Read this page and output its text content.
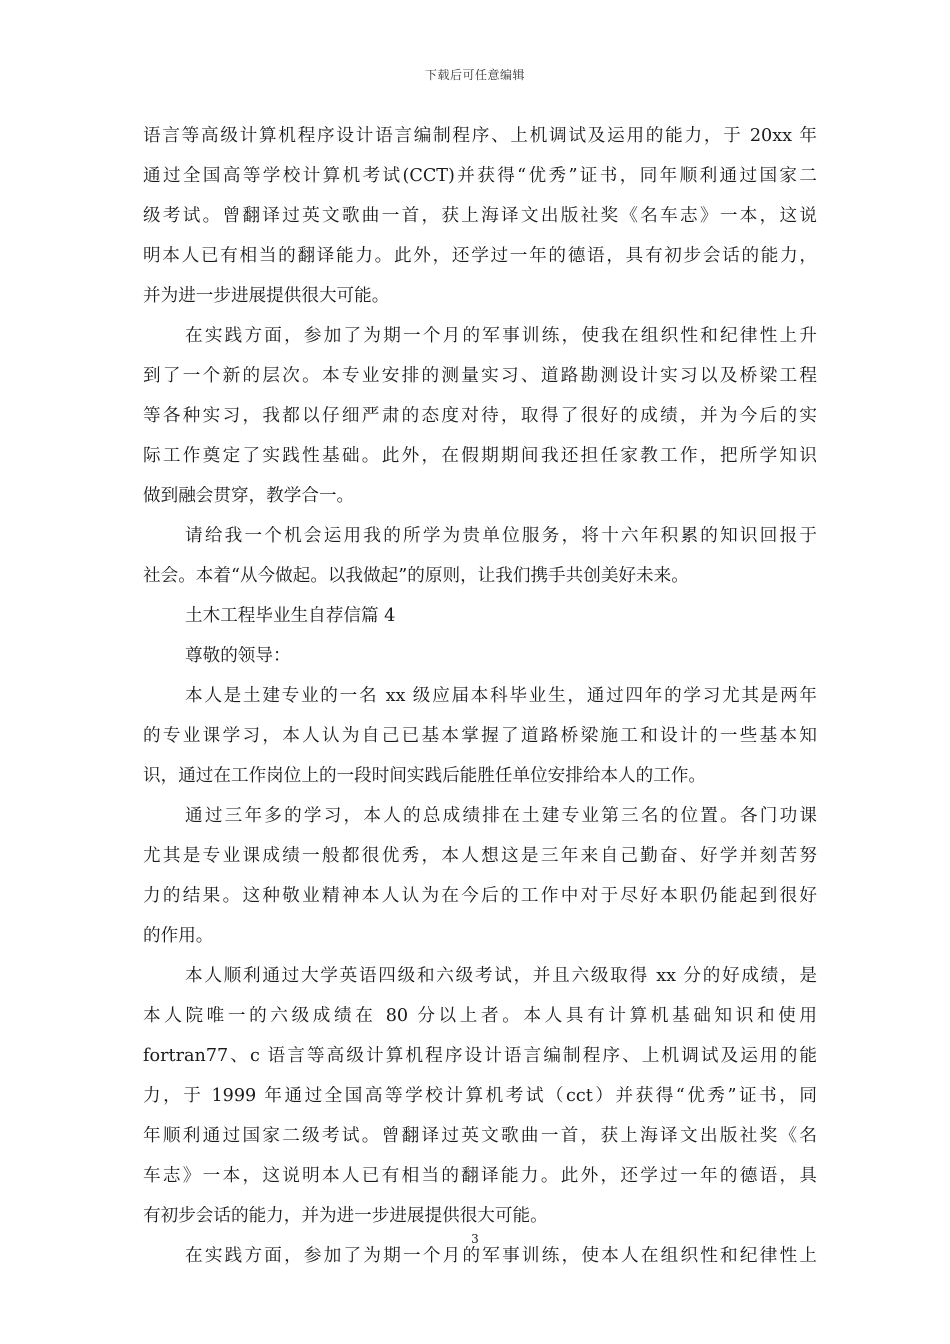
下载后可任意编辑
语言等高级计算机程序设计语言编制程序、上机调试及运用的能力，于 20xx 年
通过全国高等学校计算机考试(CCT)并获得“优秀”证书，同年顺利通过国家二
级考试。曾翻译过英文歌曲一首，获上海译文出版社奖《名车志》一本，这说
明本人已有相当的翻译能力。此外，还学过一年的德语，具有初步会话的能力，
并为进一步进展提供很大可能。
在实践方面，参加了为期一个月的军事训练，使我在组织性和纪律性上升
到了一个新的层次。本专业安排的测量实习、道路勘测设计实习以及桥梁工程
等各种实习，我都以仔细严肃的态度对待，取得了很好的成绩，并为今后的实
际工作奠定了实践性基础。此外，在假期期间我还担任家教工作，把所学知识
做到融会贯穿，教学合一。
请给我一个机会运用我的所学为贵单位服务，将十六年积累的知识回报于
社会。本着“从今做起。以我做起”的原则，让我们携手共创美好未来。
土木工程毕业生自荐信篇 4
尊敬的领导：
本人是土建专业的一名 xx 级应届本科毕业生，通过四年的学习尤其是两年
的专业课学习，本人认为自己已基本掌握了道路桥梁施工和设计的一些基本知
识，通过在工作岗位上的一段时间实践后能胜任单位安排给本人的工作。
通过三年多的学习，本人的总成绩排在土建专业第三名的位置。各门功课
尤其是专业课成绩一般都很优秀，本人想这是三年来自己勤奋、好学并刻苦努
力的结果。这种敬业精神本人认为在今后的工作中对于尽好本职仍能起到很好
的作用。
本人顺利通过大学英语四级和六级考试，并且六级取得 xx 分的好成绩，是
本人院唯一的六级成绩在 80 分以上者。本人具有计算机基础知识和使用
fortran77、c 语言等高级计算机程序设计语言编制程序、上机调试及运用的能
力，于 1999 年通过全国高等学校计算机考试（cct）并获得“优秀”证书，同
年顺利通过国家二级考试。曾翻译过英文歌曲一首，获上海译文出版社奖《名
车志》一本，这说明本人已有相当的翻译能力。此外，还学过一年的德语，具
有初步会话的能力，并为进一步进展提供很大可能。
在实践方面，参加了为期一个月的军事训练，使本人在组织性和纪律性上
3
